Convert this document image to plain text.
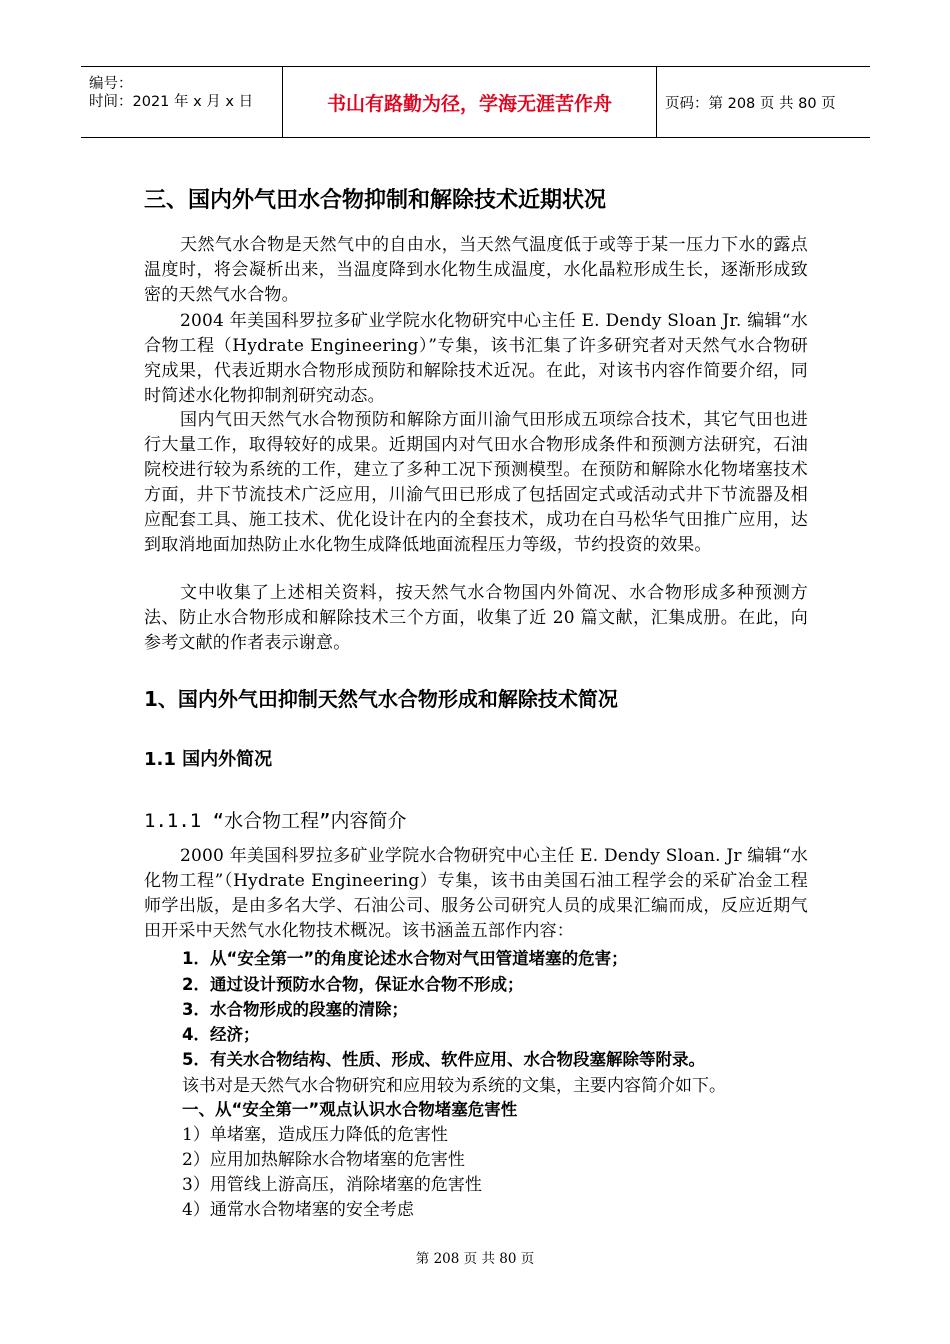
编号：
时间：2021 年 x 月 x 日	书山有路勤为径，学海无涯苦作舟	页码：第 208 页 共 80 页
三、国内外气田水合物抑制和解除技术近期状况
天然气水合物是天然气中的自由水，当天然气温度低于或等于某一压力下水的露点温度时，将会凝析出来，当温度降到水化物生成温度，水化晶粒形成生长，逐渐形成致密的天然气水合物。
2004 年美国科罗拉多矿业学院水化物研究中心主任 E. Dendy Sloan Jr. 编辑“水合物工程（Hydrate Engineering）”专集，该书汇集了许多研究者对天然气水合物研究成果，代表近期水合物形成预防和解除技术近况。在此，对该书内容作简要介绍，同时简述水化物抑制剂研究动态。
国内气田天然气水合物预防和解除方面川渝气田形成五项综合技术，其它气田也进行大量工作，取得较好的成果。近期国内对气田水合物形成条件和预测方法研究，石油院校进行较为系统的工作，建立了多种工况下预测模型。在预防和解除水化物堵塞技术方面，井下节流技术广泛应用，川渝气田已形成了包括固定式或活动式井下节流器及相应配套工具、施工技术、优化设计在内的全套技术，成功在白马松华气田推广应用，达到取消地面加热防止水化物生成降低地面流程压力等级，节约投资的效果。
文中收集了上述相关资料，按天然气水合物国内外简况、水合物形成多种预测方法、防止水合物形成和解除技术三个方面，收集了近 20 篇文献，汇集成册。在此，向参考文献的作者表示谢意。
1、国内外气田抑制天然气水合物形成和解除技术简况
1.1 国内外简况
1.1.1 “水合物工程”内容简介
2000 年美国科罗拉多矿业学院水合物研究中心主任 E. Dendy Sloan. Jr 编辑“水化物工程”（Hydrate Engineering）专集，该书由美国石油工程学会的采矿冶金工程师学出版，是由多名大学、石油公司、服务公司研究人员的成果汇编而成，反应近期气田开采中天然气水化物技术概况。该书涵盖五部作内容：
1．从“安全第一”的角度论述水合物对气田管道堵塞的危害；
2．通过设计预防水合物，保证水合物不形成；
3．水合物形成的段塞的清除；
4．经济；
5．有关水合物结构、性质、形成、软件应用、水合物段塞解除等附录。
该书对是天然气水合物研究和应用较为系统的文集，主要内容简介如下。
一、从“安全第一”观点认识水合物堵塞危害性
1）单堵塞，造成压力降低的危害性
2）应用加热解除水合物堵塞的危害性
3）用管线上游高压，消除堵塞的危害性
4）通常水合物堵塞的安全考虑
第 208 页 共 80 页
